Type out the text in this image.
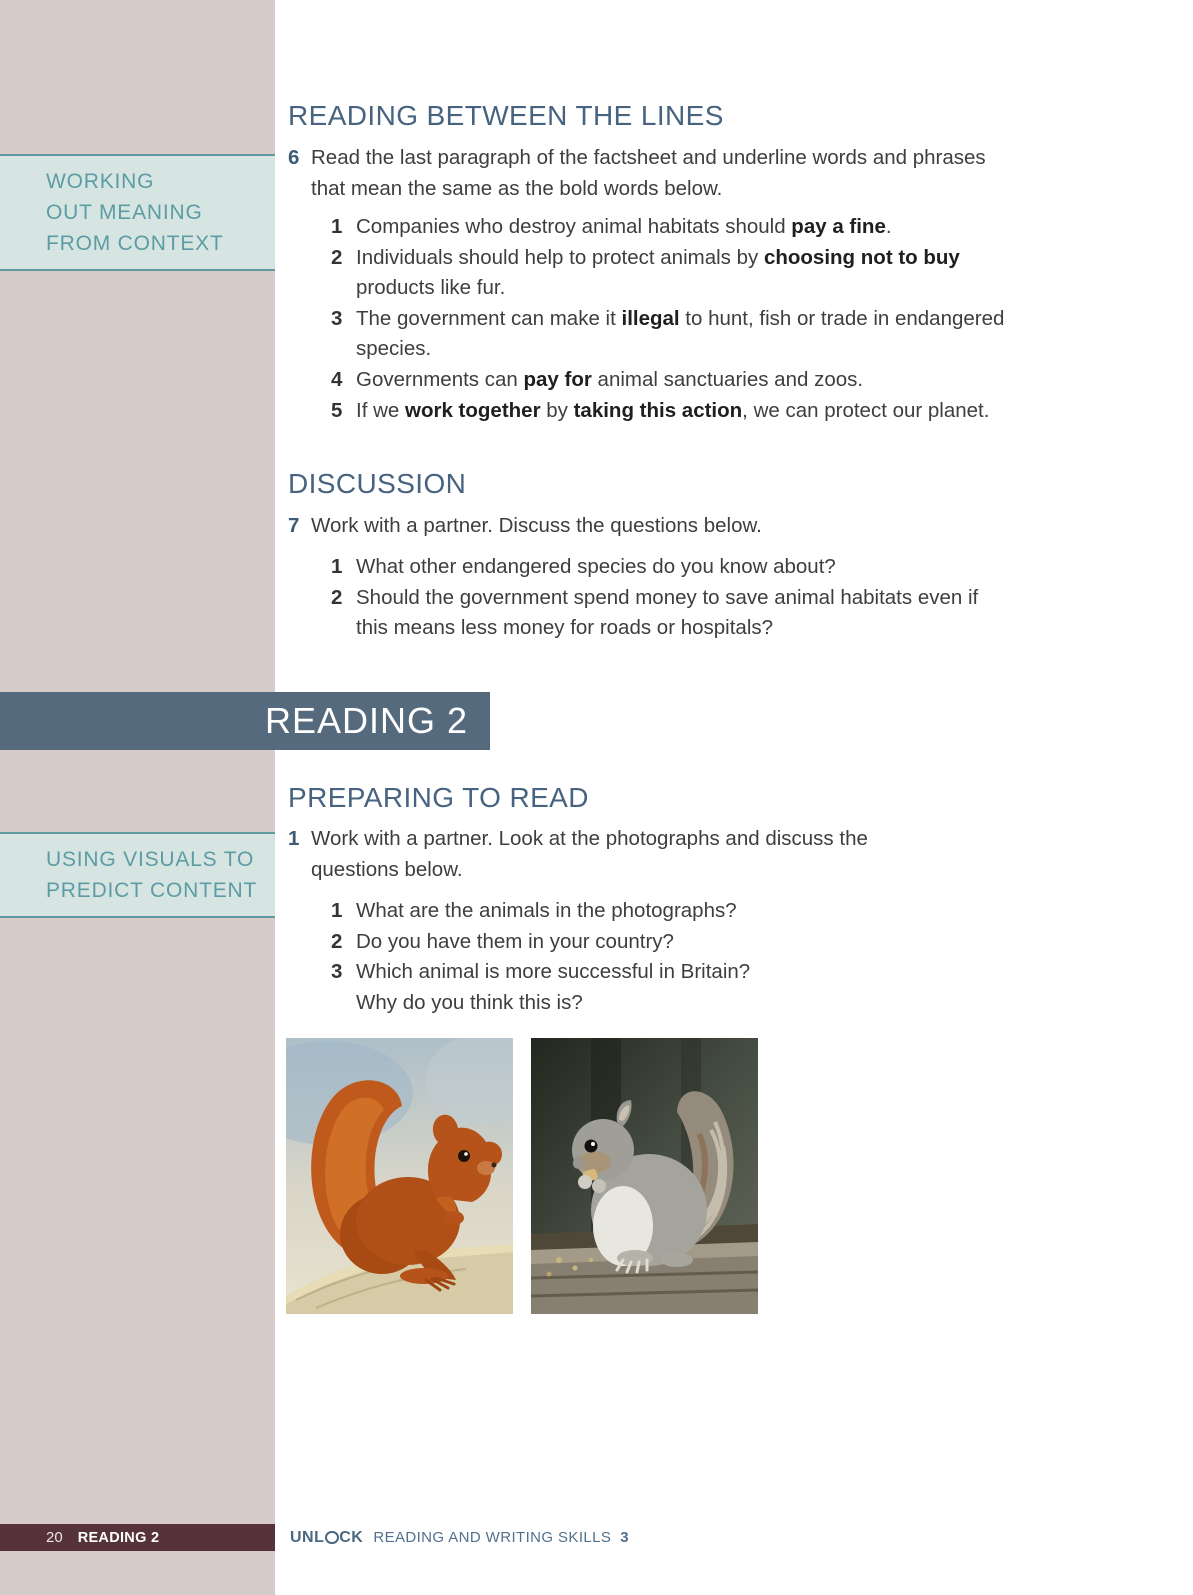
WORKING
OUT MEANING
FROM CONTEXT
USING VISUALS TO
PREDICT CONTENT
READING BETWEEN THE LINES
6 Read the last paragraph of the factsheet and underline words and phrases
that mean the same as the bold words below.
1 Companies who destroy animal habitats should pay a fine.
2 Individuals should help to protect animals by choosing not to buy
products like fur.
3 The government can make it illegal to hunt, fish or trade in endangered
species.
4 Governments can pay for animal sanctuaries and zoos.
5 If we work together by taking this action, we can protect our planet.
DISCUSSION
7 Work with a partner. Discuss the questions below.
1 What other endangered species do you know about?
2 Should the government spend money to save animal habitats even if
this means less money for roads or hospitals?
READING 2
PREPARING TO READ
1 Work with a partner. Look at the photographs and discuss the
questions below.
1 What are the animals in the photographs?
2 Do you have them in your country?
3 Which animal is more successful in Britain?
Why do you think this is?
20 READING 2	UNL CK READING AND WRITING SKILLS 3
